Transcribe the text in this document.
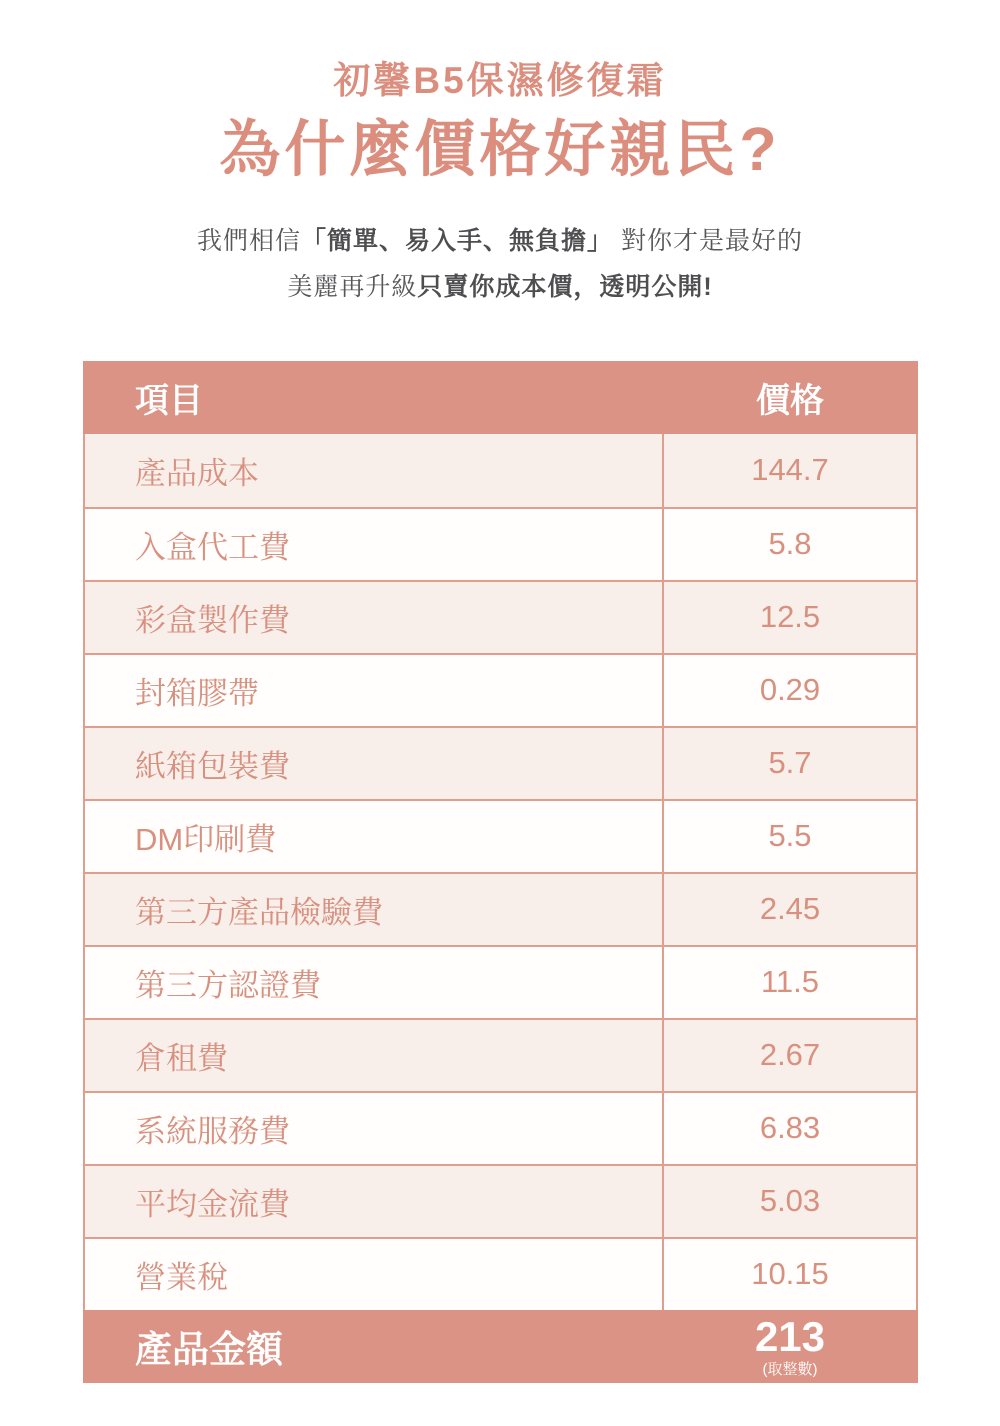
初馨B5保濕修復霜
為什麼價格好親民?
我們相信「簡單、易入手、無負擔」 對你才是最好的
美麗再升級只賣你成本價，透明公開!
項目	價格
產品成本	144.7
入盒代工費	5.8
彩盒製作費	12.5
封箱膠帶	0.29
紙箱包裝費	5.7
DM印刷費	5.5
第三方產品檢驗費	2.45
第三方認證費	11.5
倉租費	2.67
系統服務費	6.83
平均金流費	5.03
營業稅	10.15
產品金額	213
(取整數)
